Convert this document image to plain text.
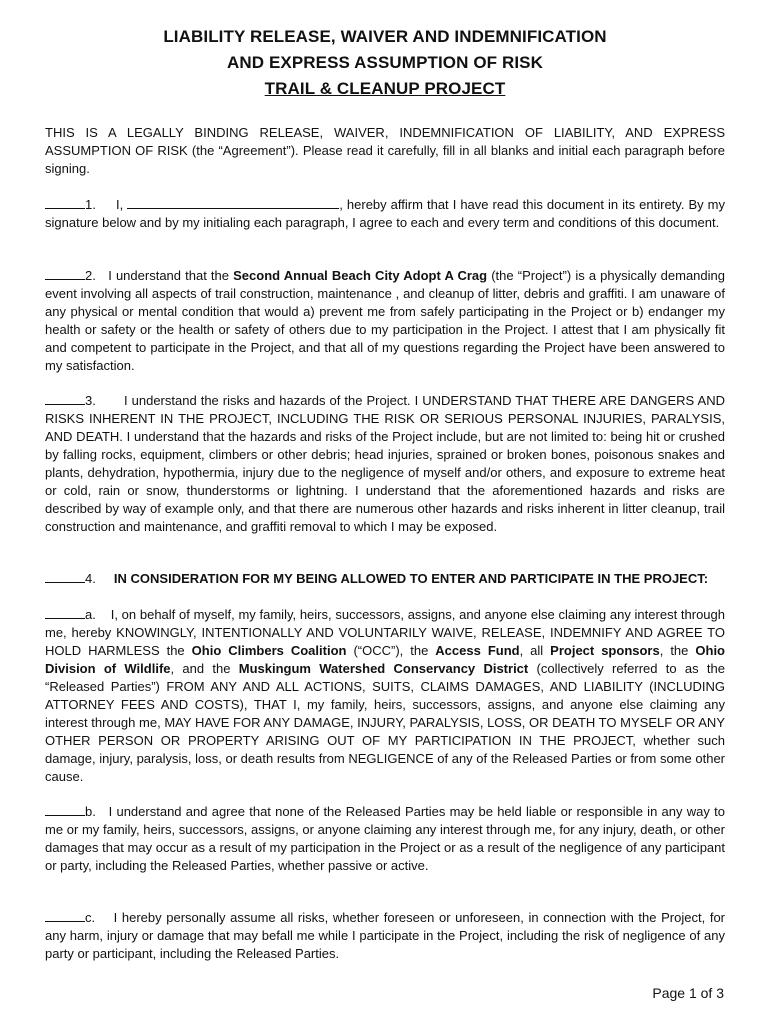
LIABILITY RELEASE, WAIVER AND INDEMNIFICATION
AND EXPRESS ASSUMPTION OF RISK
TRAIL & CLEANUP PROJECT
THIS IS A LEGALLY BINDING RELEASE, WAIVER, INDEMNIFICATION OF LIABILITY, AND EXPRESS ASSUMPTION OF RISK (the “Agreement”). Please read it carefully, fill in all blanks and initial each paragraph before signing.
1. I,	, hereby affirm that I have read this document in its entirety. By my signature below and by my initialing each paragraph, I agree to each and every term and conditions of this document.
2. I understand that the Second Annual Beach City Adopt A Crag (the “Project”) is a physically demanding event involving all aspects of trail construction, maintenance , and cleanup of litter, debris and graffiti. I am unaware of any physical or mental condition that would a) prevent me from safely participating in the Project or b) endanger my health or safety or the health or safety of others due to my participation in the Project. I attest that I am physically fit and competent to participate in the Project, and that all of my questions regarding the Project have been answered to my satisfaction.
3. I understand the risks and hazards of the Project. I UNDERSTAND THAT THERE ARE DANGERS AND RISKS INHERENT IN THE PROJECT, INCLUDING THE RISK OR SERIOUS PERSONAL INJURIES, PARALYSIS, AND DEATH. I understand that the hazards and risks of the Project include, but are not limited to: being hit or crushed by falling rocks, equipment, climbers or other debris; head injuries, sprained or broken bones, poisonous snakes and plants, dehydration, hypothermia, injury due to the negligence of myself and/or others, and exposure to extreme heat or cold, rain or snow, thunderstorms or lightning. I understand that the aforementioned hazards and risks are described by way of example only, and that there are numerous other hazards and risks inherent in litter cleanup, trail construction and maintenance, and graffiti removal to which I may be exposed.
4. IN CONSIDERATION FOR MY BEING ALLOWED TO ENTER AND PARTICIPATE IN THE PROJECT:
a. I, on behalf of myself, my family, heirs, successors, assigns, and anyone else claiming any interest through me, hereby KNOWINGLY, INTENTIONALLY AND VOLUNTARILY WAIVE, RELEASE, INDEMNIFY AND AGREE TO HOLD HARMLESS the Ohio Climbers Coalition (“OCC”), the Access Fund, all Project sponsors, the Ohio Division of Wildlife, and the Muskingum Watershed Conservancy District (collectively referred to as the “Released Parties”) FROM ANY AND ALL ACTIONS, SUITS, CLAIMS DAMAGES, AND LIABILITY (INCLUDING ATTORNEY FEES AND COSTS), THAT I, my family, heirs, successors, assigns, and anyone else claiming any interest through me, MAY HAVE FOR ANY DAMAGE, INJURY, PARALYSIS, LOSS, OR DEATH TO MYSELF OR ANY OTHER PERSON OR PROPERTY ARISING OUT OF MY PARTICIPATION IN THE PROJECT, whether such damage, injury, paralysis, loss, or death results from NEGLIGENCE of any of the Released Parties or from some other cause.
b. I understand and agree that none of the Released Parties may be held liable or responsible in any way to me or my family, heirs, successors, assigns, or anyone claiming any interest through me, for any injury, death, or other damages that may occur as a result of my participation in the Project or as a result of the negligence of any participant or party, including the Released Parties, whether passive or active.
c. I hereby personally assume all risks, whether foreseen or unforeseen, in connection with the Project, for any harm, injury or damage that may befall me while I participate in the Project, including the risk of negligence of any party or participant, including the Released Parties.
Page 1 of 3
